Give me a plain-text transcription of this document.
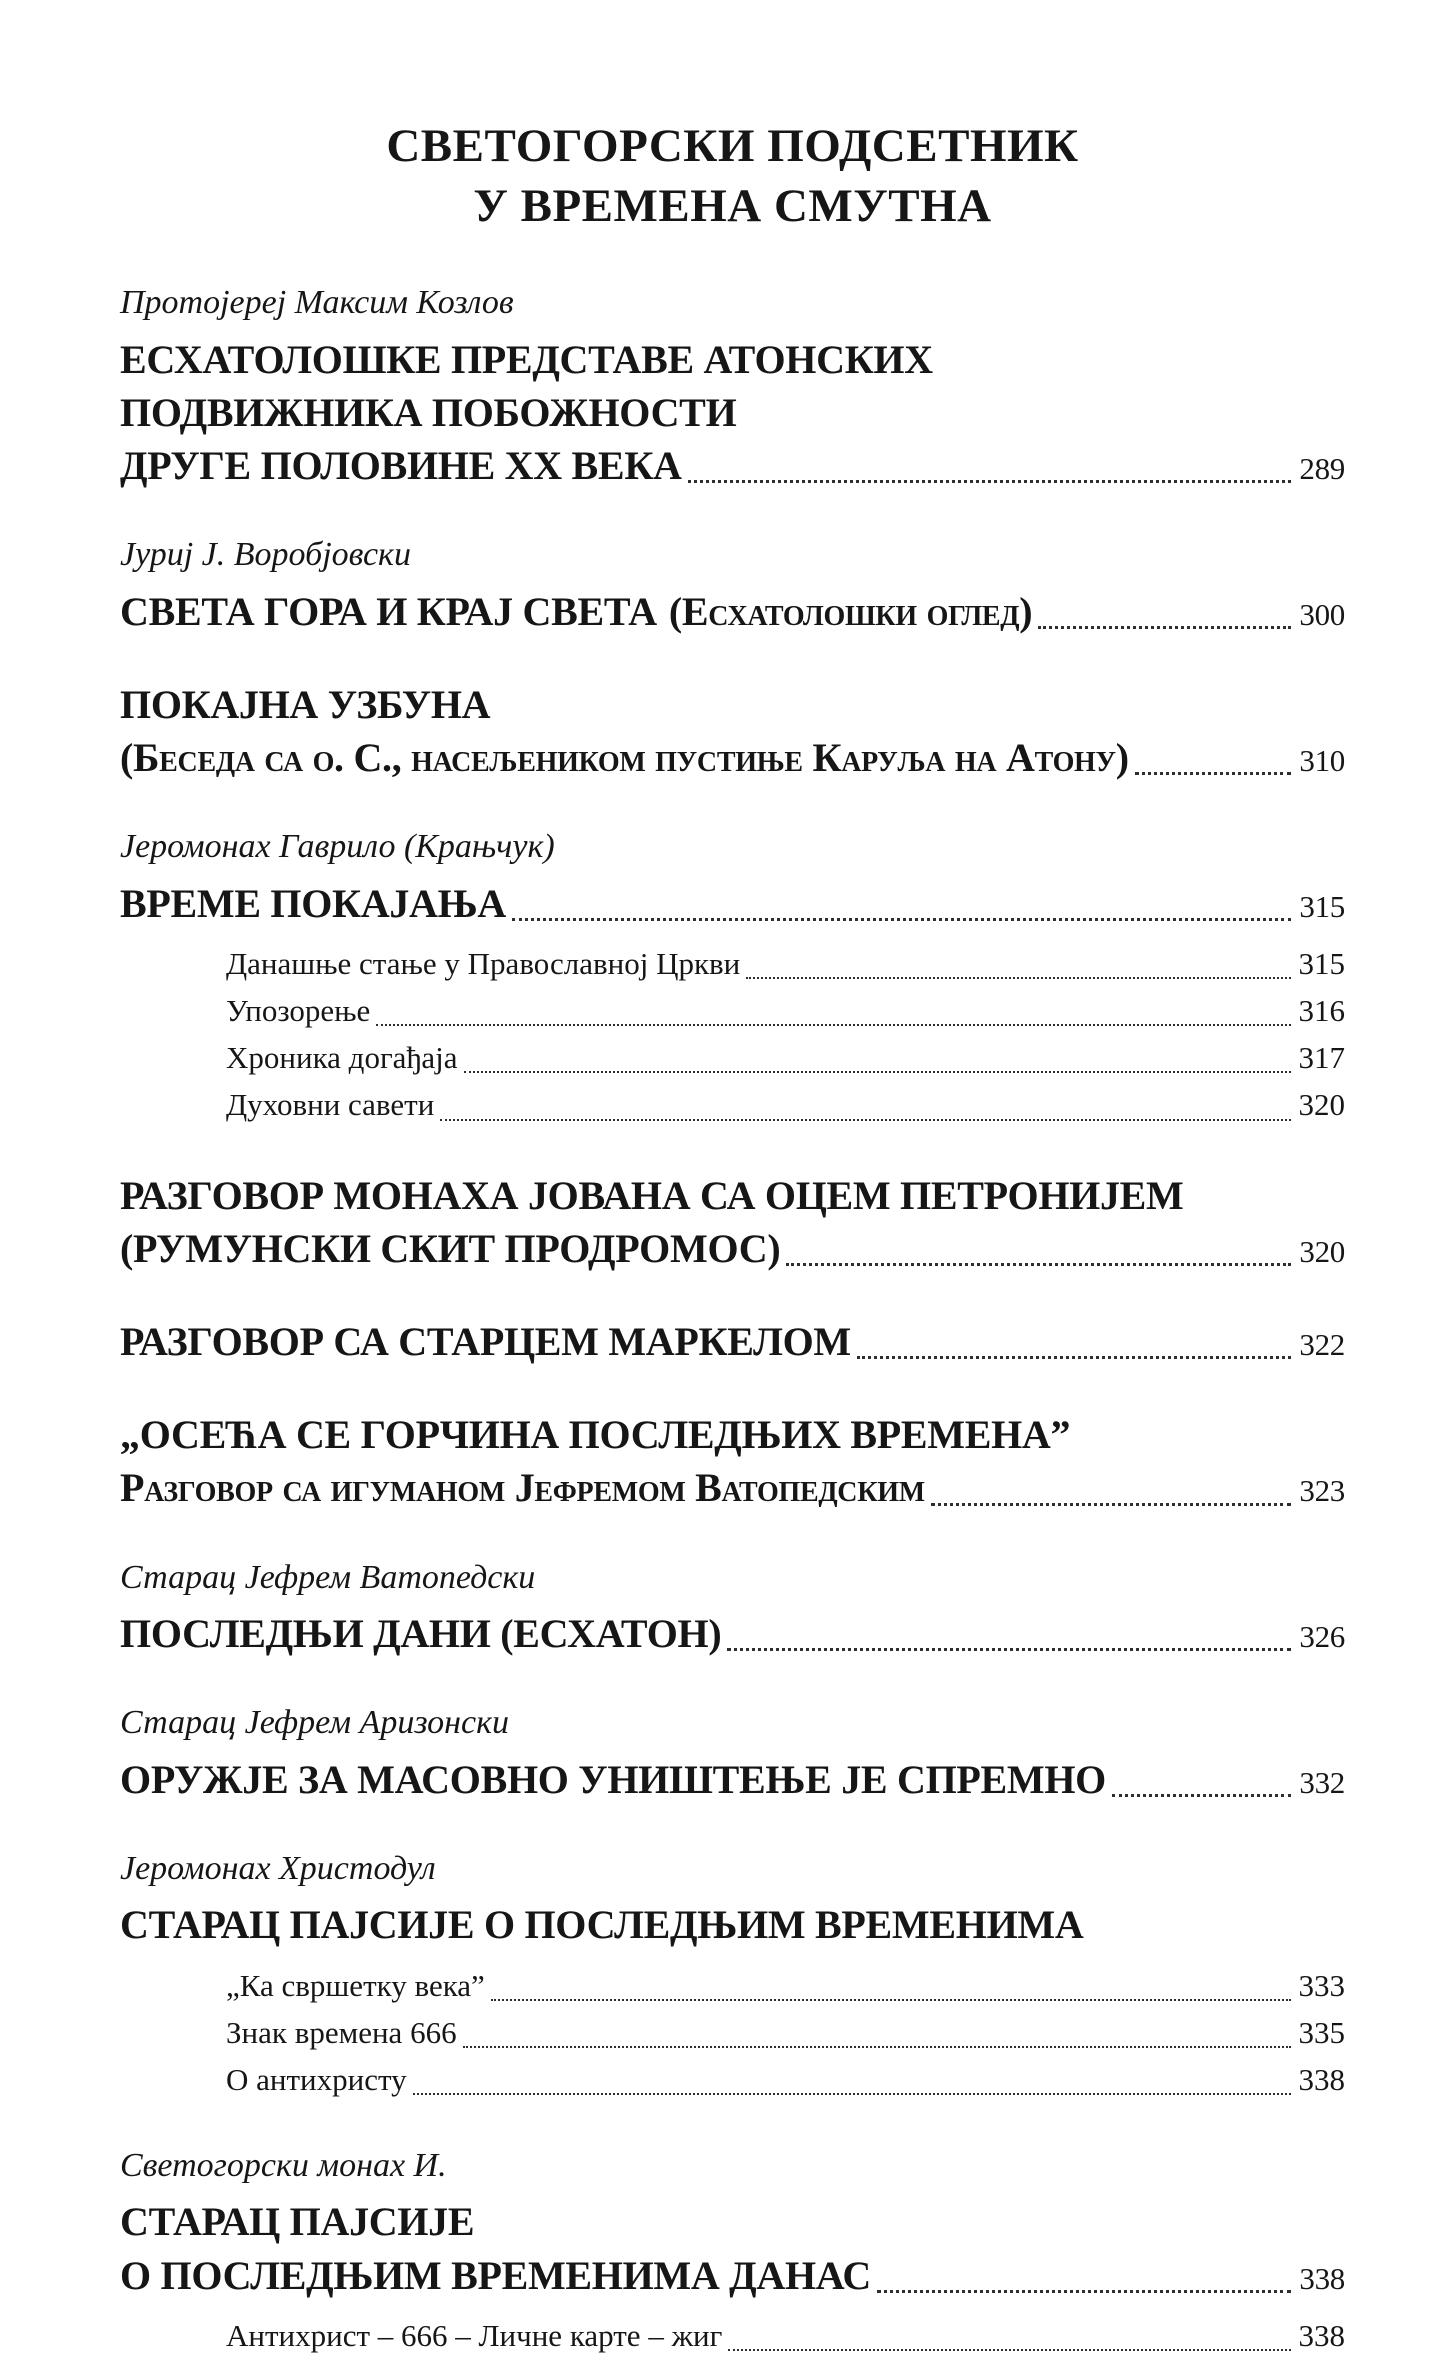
СВЕТОГОРСКИ ПОДСЕТНИК
У ВРЕМЕНА СМУТНА
Протојереј Максим Козлов
ЕСХАТОЛОШКЕ ПРЕДСТАВЕ АТОНСКИХ
ПОДВИЖНИКА ПОБОЖНОСТИ
ДРУГЕ ПОЛОВИНЕ XX ВЕКА	289
Јуриј Ј. Воробјовски
СВЕТА ГОРА И КРАЈ СВЕТА (Есхатолошки оглед)	300
ПОКАЈНА УЗБУНА
(Беседа са о. С., насељеником пустиње Каруља на Атону)	310
Јеромонах Гаврило (Крањчук)
ВРЕМЕ ПОКАЈАЊА	315
Данашње стање у Православној Цркви	315
Упозорење	316
Хроника догађаја	317
Духовни савети	320
РАЗГОВОР МОНАХА ЈОВАНА СА ОЦЕМ ПЕТРОНИЈЕМ
(РУМУНСКИ СКИТ ПРОДРОМОС)	320
РАЗГОВОР СА СТАРЦЕМ МАРКЕЛОМ	322
„ОСЕЋА СЕ ГОРЧИНА ПОСЛЕДЊИХ ВРЕМЕНА”
Разговор са игуманом Јефремом Ватопедским	323
Старац Јефрем Ватопедски
ПОСЛЕДЊИ ДАНИ (ЕСХАТОН)	326
Старац Јефрем Аризонски
ОРУЖЈЕ ЗА МАСОВНО УНИШТЕЊЕ ЈЕ СПРЕМНО	332
Јеромонах Христодул
СТАРАЦ ПАЈСИЈЕ О ПОСЛЕДЊИМ ВРЕМЕНИМА
„Ка свршетку века”	333
Знак времена 666	335
О антихристу	338
Светогорски монах И.
СТАРАЦ ПАЈСИЈЕ
О ПОСЛЕДЊИМ ВРЕМЕНИМА ДАНАС	338
Антихрист – 666 – Личне карте – жиг	338
